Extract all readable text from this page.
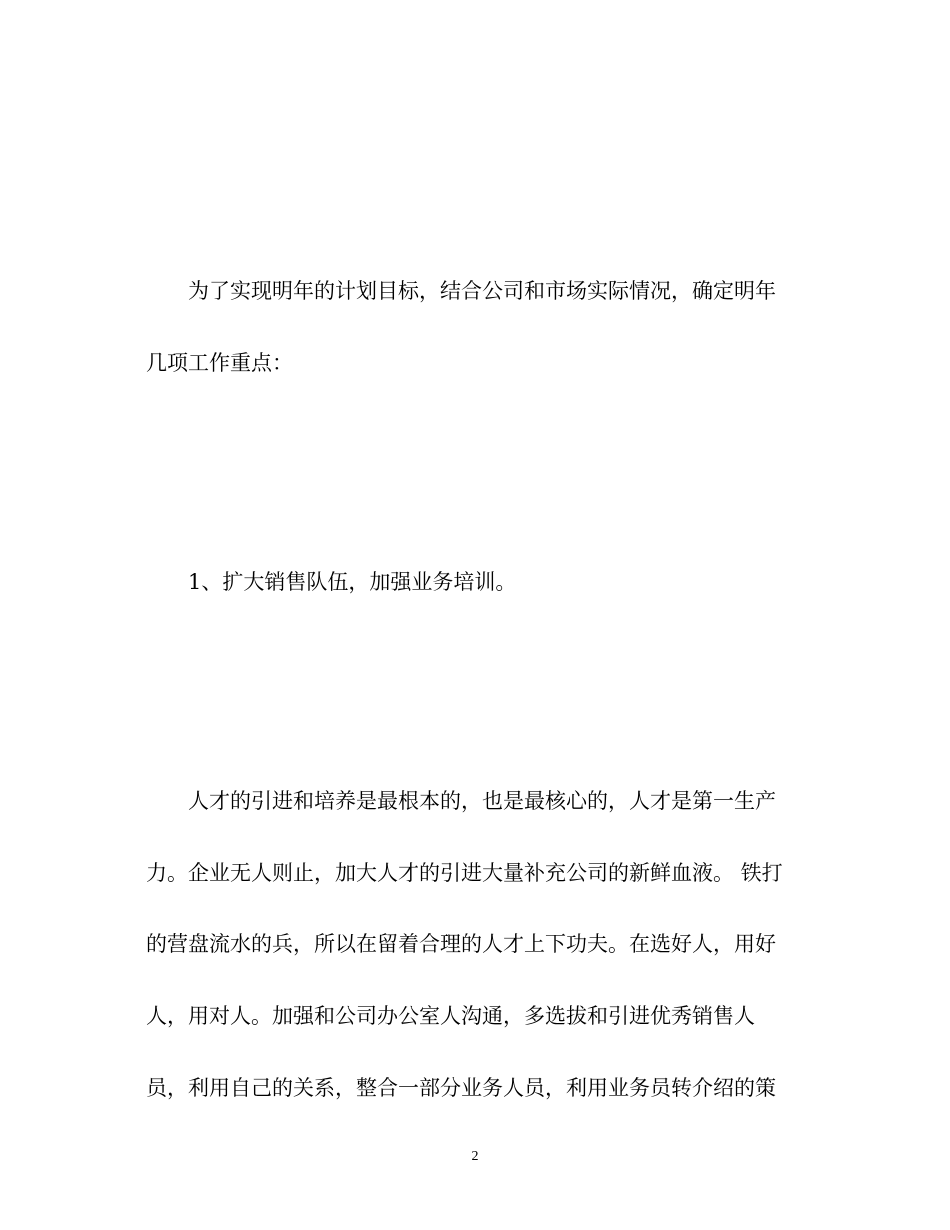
为了实现明年的计划目标，结合公司和市场实际情况，确定明年
几项工作重点：
1、扩大销售队伍，加强业务培训。
人才的引进和培养是最根本的，也是最核心的，人才是第一生产
力。企业无人则止，加大人才的引进大量补充公司的新鲜血液。 铁打
的营盘流水的兵，所以在留着合理的人才上下功夫。在选好人，用好
人，用对人。加强和公司办公室人沟通，多选拔和引进优秀销售人
员，利用自己的关系，整合一部分业务人员，利用业务员转介绍的策
2
